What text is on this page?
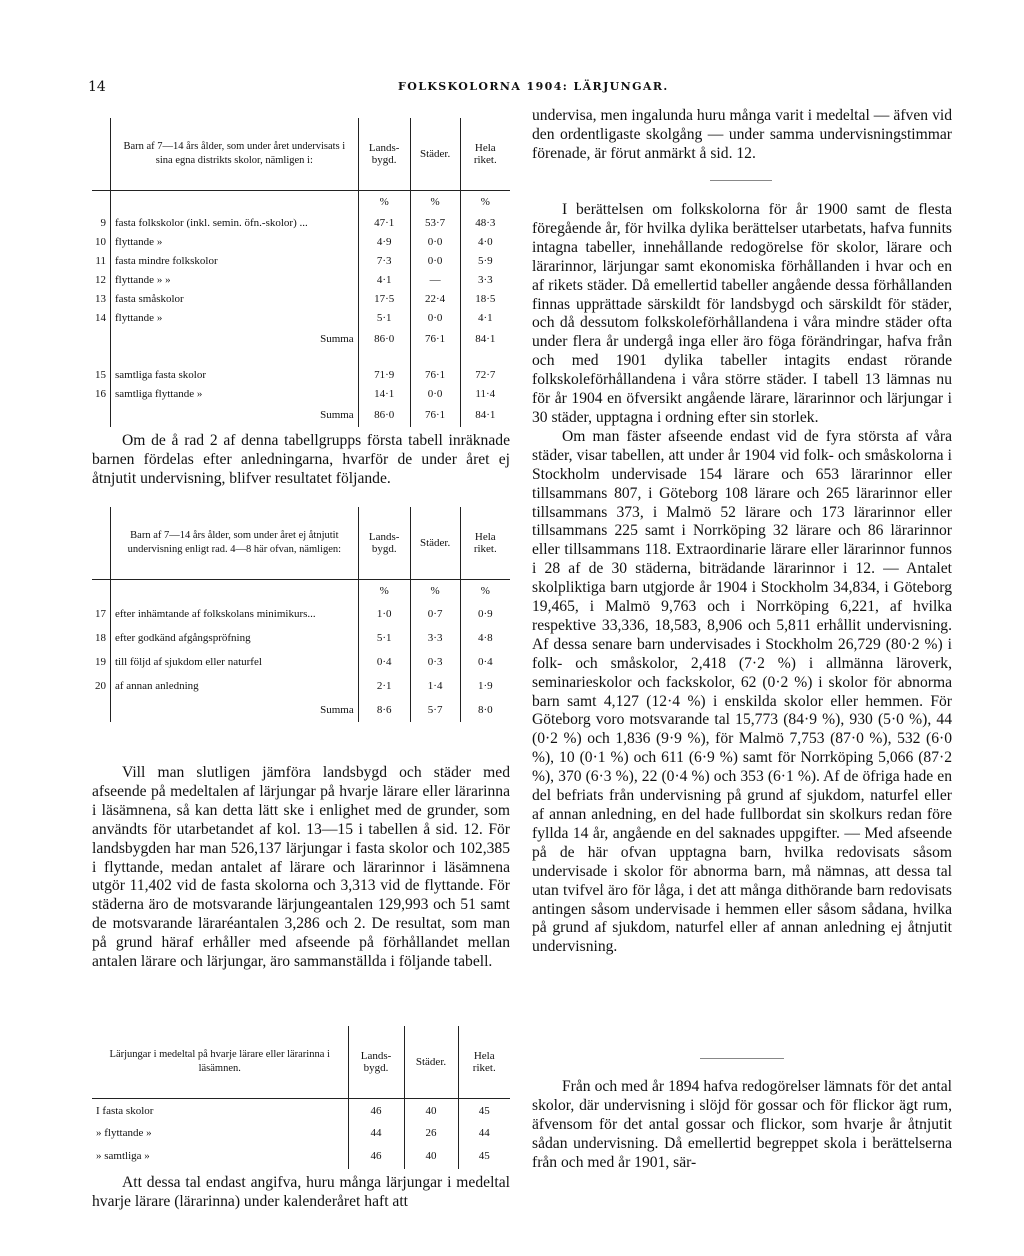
14	FOLKSKOLORNA 1904: LÄRJUNGAR.
	Barn af 7—14 års ålder, som under året undervisats i sina egna distrikts skolor, nämligen i:	Lands-bygd.	Städer.	Hela riket.
		%	%	%
9	fasta folkskolor (inkl. semin. öfn.-skolor) ...	47·1	53·7	48·3
10	flyttande »	4·9	0·0	4·0
11	fasta mindre folkskolor	7·3	0·0	5·9
12	flyttande » »	4·1	—	3·3
13	fasta småskolor	17·5	22·4	18·5
14	flyttande »	5·1	0·0	4·1

	Summa	86·0	76·1	84·1

15	samtliga fasta skolor	71·9	76·1	72·7
16	samtliga flyttande »	14·1	0·0	11·4

	Summa	86·0	76·1	84·1

Om de å rad 2 af denna tabellgrupps första tabell inräknade barnen fördelas efter anledningarna, hvarför de under året ej åtnjutit undervisning, blifver resultatet följande.

	Barn af 7—14 års ålder, som under året ej åtnjutit undervisning enligt rad. 4—8 här ofvan, nämligen:	Lands-bygd.	Städer.	Hela riket.
		%	%	%
17	efter inhämtande af folkskolans minimikurs...	1·0	0·7	0·9
18	efter godkänd afgångspröfning	5·1	3·3	4·8
19	till följd af sjukdom eller naturfel	0·4	0·3	0·4
20	af annan anledning	2·1	1·4	1·9

	Summa	8·6	5·7	8·0

Vill man slutligen jämföra landsbygd och städer med afseende på medeltalen af lärjungar på hvarje lärare eller lärarinna i läsämnena, så kan detta lätt ske i enlighet med de grunder, som användts för utarbetandet af kol. 13—15 i tabellen å sid. 12. För landsbygden har man 526,137 lärjungar i fasta skolor och 102,385 i flyttande, medan antalet af lärare och lärarinnor i läsämnena utgör 11,402 vid de fasta skolorna och 3,313 vid de flyttande. För städerna äro de motsvarande lärjungeantalen 129,993 och 51 samt de motsvarande läraréantalen 3,286 och 2. De resultat, som man på grund häraf erhåller med afseende på förhållandet mellan antalen lärare och lärjungar, äro sammanställda i följande tabell.

Lärjungar i medeltal på hvarje lärare eller lärarinna i läsämnen.	Lands-bygd.	Städer.	Hela riket.
I fasta skolor	46	40	45
» flyttande »	44	26	44
» samtliga »	46	40	45

Att dessa tal endast angifva, huru många lärjungar i medeltal hvarje lärare (lärarinna) under kalenderåret haft att

undervisa, men ingalunda huru många varit i medeltal — äfven vid den ordentligaste skolgång — under samma undervisningstimmar förenade, är förut anmärkt å sid. 12.

I berättelsen om folkskolorna för år 1900 samt de flesta föregående år, för hvilka dylika berättelser utarbetats, hafva funnits intagna tabeller, innehållande redogörelse för skolor, lärare och lärarinnor, lärjungar samt ekonomiska förhållanden i hvar och en af rikets städer. Då emellertid tabeller angående dessa förhållanden finnas upprättade särskildt för landsbygd och särskildt för städer, och då dessutom folkskoleförhållandena i våra mindre städer ofta under flera år undergå inga eller äro föga förändringar, hafva från och med 1901 dylika tabeller intagits endast rörande folkskoleförhållandena i våra större städer. I tabell 13 lämnas nu för år 1904 en öfversikt angående lärare, lärarinnor och lärjungar i 30 städer, upptagna i ordning efter sin storlek.

Om man fäster afseende endast vid de fyra största af våra städer, visar tabellen, att under år 1904 vid folk- och småskolorna i Stockholm undervisade 154 lärare och 653 lärarinnor eller tillsammans 807, i Göteborg 108 lärare och 265 lärarinnor eller tillsammans 373, i Malmö 52 lärare och 173 lärarinnor eller tillsammans 225 samt i Norrköping 32 lärare och 86 lärarinnor eller tillsammans 118. Extraordinarie lärare eller lärarinnor funnos i 28 af de 30 städerna, biträdande lärarinnor i 12. — Antalet skolpliktiga barn utgjorde år 1904 i Stockholm 34,834, i Göteborg 19,465, i Malmö 9,763 och i Norrköping 6,221, af hvilka respektive 33,336, 18,583, 8,906 och 5,811 erhållit undervisning. Af dessa senare barn undervisades i Stockholm 26,729 (80·2 %) i folk- och småskolor, 2,418 (7·2 %) i allmänna läroverk, seminarieskolor och fackskolor, 62 (0·2 %) i skolor för abnorma barn samt 4,127 (12·4 %) i enskilda skolor eller hemmen. För Göteborg voro motsvarande tal 15,773 (84·9 %), 930 (5·0 %), 44 (0·2 %) och 1,836 (9·9 %), för Malmö 7,753 (87·0 %), 532 (6·0 %), 10 (0·1 %) och 611 (6·9 %) samt för Norrköping 5,066 (87·2 %), 370 (6·3 %), 22 (0·4 %) och 353 (6·1 %). Af de öfriga hade en del befriats från undervisning på grund af sjukdom, naturfel eller af annan anledning, en del hade fullbordat sin skolkurs redan före fyllda 14 år, angående en del saknades uppgifter. — Med afseende på de här ofvan upptagna barn, hvilka redovisats såsom undervisade i skolor för abnorma barn, må nämnas, att dessa tal utan tvifvel äro för låga, i det att många dithörande barn redovisats antingen såsom undervisade i hemmen eller såsom sådana, hvilka på grund af sjukdom, naturfel eller af annan anledning ej åtnjutit undervisning.

Från och med år 1894 hafva redogörelser lämnats för det antal skolor, där undervisning i slöjd för gossar och för flickor ägt rum, äfvensom för det antal gossar och flickor, som hvarje år åtnjutit sådan undervisning. Då emellertid begreppet skola i berättelserna från och med år 1901, sär-
